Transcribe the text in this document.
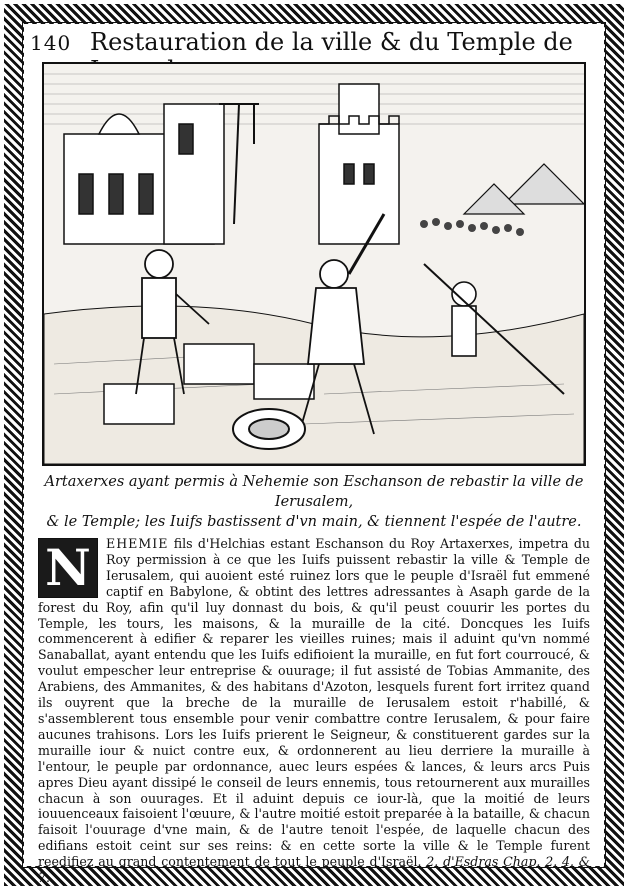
140 Restauration de la ville & du Temple de
Artaxerxes ayant permis à Nehemie son Eschanson de rebastir la ville de Ierusalem,
& le Temple; les Iuifs bastissent d'vn main, & tiennent l'espée de l'autre.
N	EHEMIE fils d'Helchias estant Eschanson du Roy Artaxerxes, impetra du Roy permission à ce que les Iuifs puissent rebastir la ville & Temple de Ierusalem, qui auoient esté ruinez lors que le peuple d'Israël fut emmené captif en Babylone, & obtint des lettres adressantes à Asaph garde de la forest du Roy, afin qu'il luy donnast du bois, & qu'il peust couurir les portes du Temple, les tours, les maisons, & la muraille de la cité. Doncques les Iuifs commencerent à edifier & reparer les vieilles ruines; mais il aduint qu'vn nommé Sanaballat, ayant entendu que les Iuifs edifioient la muraille, en fut fort courroucé, & voulut empescher leur entreprise & ouurage; il fut assisté de Tobias Ammanite, des Arabiens, des Ammanites, & des habitans d'Azoton, lesquels furent fort irritez quand ils ouyrent que la breche de la muraille de Ierusalem estoit r'habillé, & s'assemblerent tous ensemble pour venir combattre contre Ierusalem, & pour faire aucunes trahisons. Lors les Iuifs prierent le Seigneur, & constituerent gardes sur la muraille iour & nuict contre eux, & ordonnerent au lieu derriere la muraille à l'entour, le peuple par ordonnance, auec leurs espées & lances, & leurs arcs Puis apres Dieu ayant dissipé le conseil de leurs ennemis, tous retournerent aux murailles chacun à son ouurages. Et il aduint depuis ce iour-là, que la moitié de leurs iouuenceaux faisoient l'œuure, & l'autre moitié estoit preparée à la bataille, & chacun faisoit l'ouurage d'vne main, & de l'autre tenoit l'espée, de laquelle chacun des edifians estoit ceint sur ses reins: & en cette sorte la ville & le Temple furent reedifiez au grand contentement de tout le peuple d'Israël. 2. d'Esdras Chap. 2. 4. & 7.
